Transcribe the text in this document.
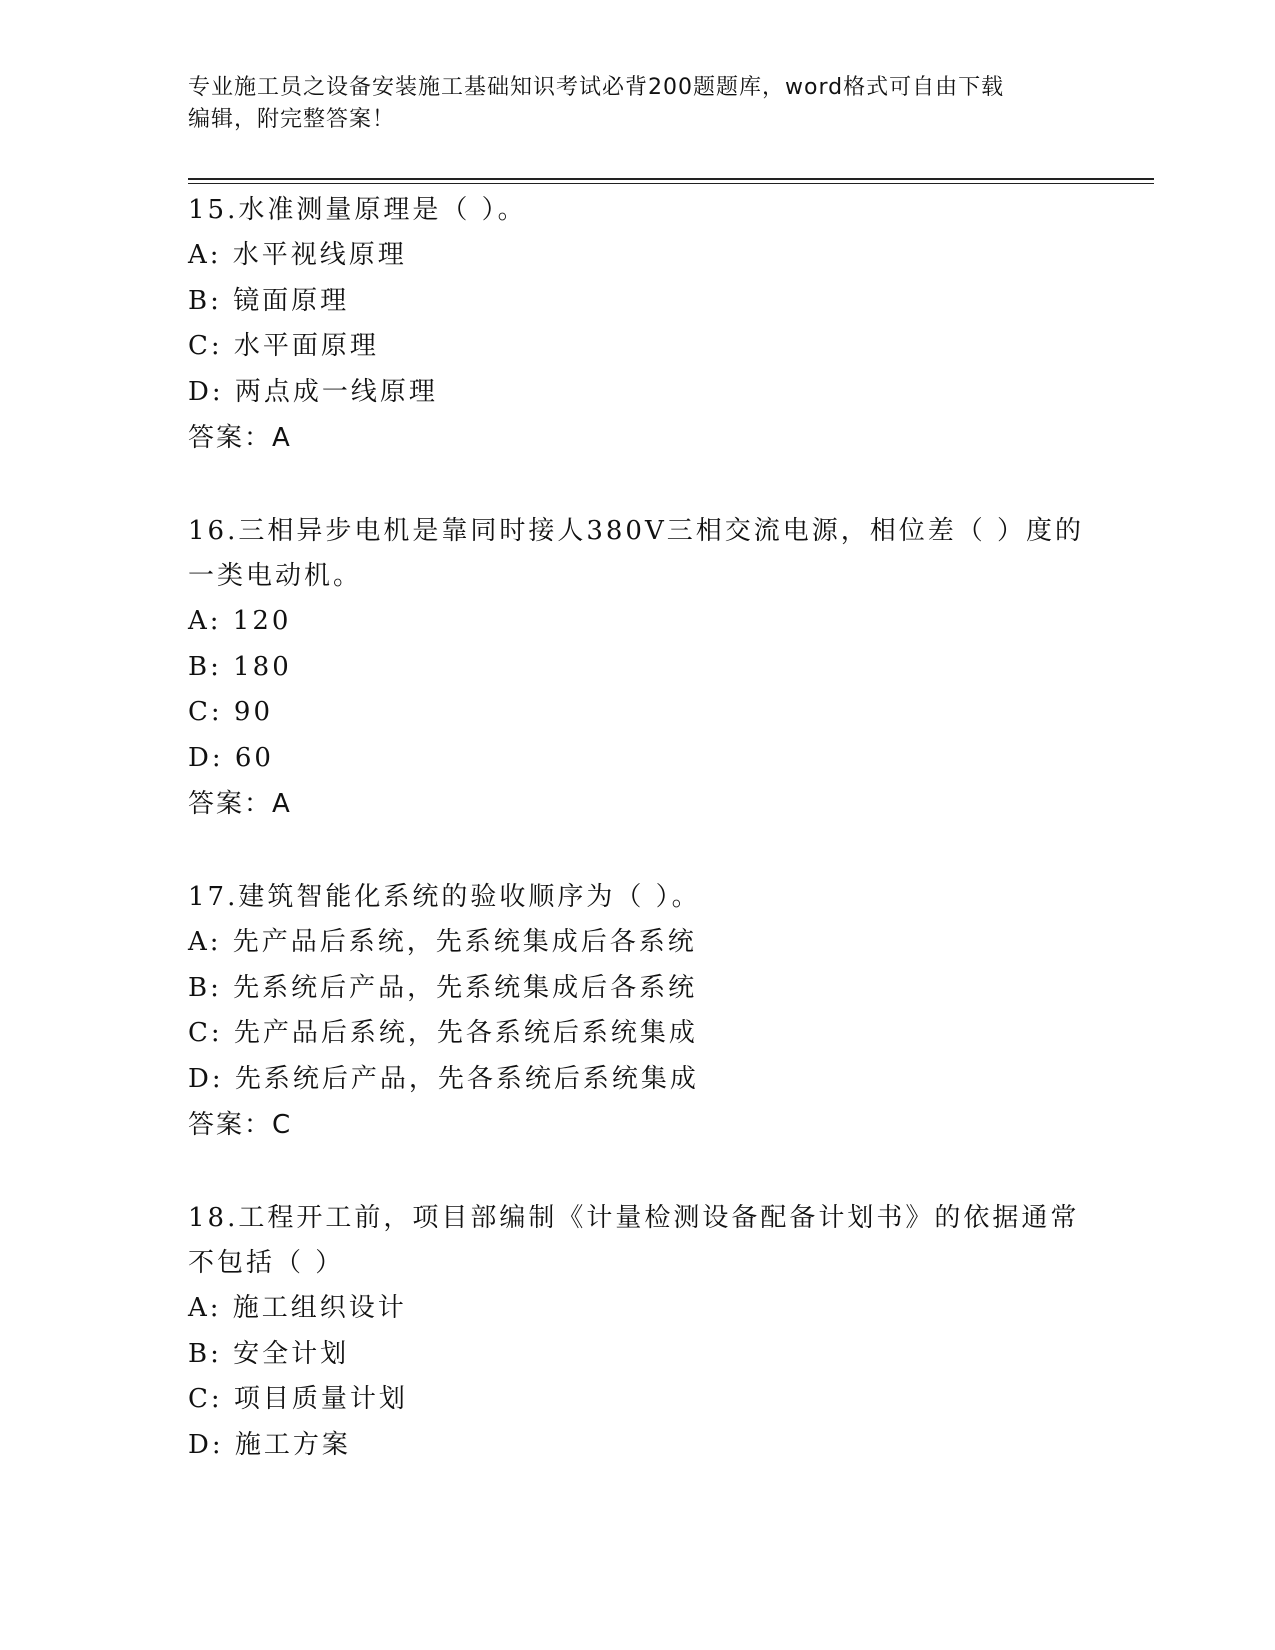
专业施工员之设备安装施工基础知识考试必背200题题库，word格式可自由下载
编辑，附完整答案！
15.水准测量原理是（ ）。
A: 水平视线原理
B: 镜面原理
C: 水平面原理
D: 两点成一线原理
答案：A
16.三相异步电机是靠同时接人380V三相交流电源，相位差（ ）度的
一类电动机。
A: 120
B: 180
C: 90
D: 60
答案：A
17.建筑智能化系统的验收顺序为（ ）。
A: 先产品后系统，先系统集成后各系统
B: 先系统后产品，先系统集成后各系统
C: 先产品后系统，先各系统后系统集成
D: 先系统后产品，先各系统后系统集成
答案：C
18.工程开工前，项目部编制《计量检测设备配备计划书》的依据通常
不包括（ ）
A: 施工组织设计
B: 安全计划
C: 项目质量计划
D: 施工方案
